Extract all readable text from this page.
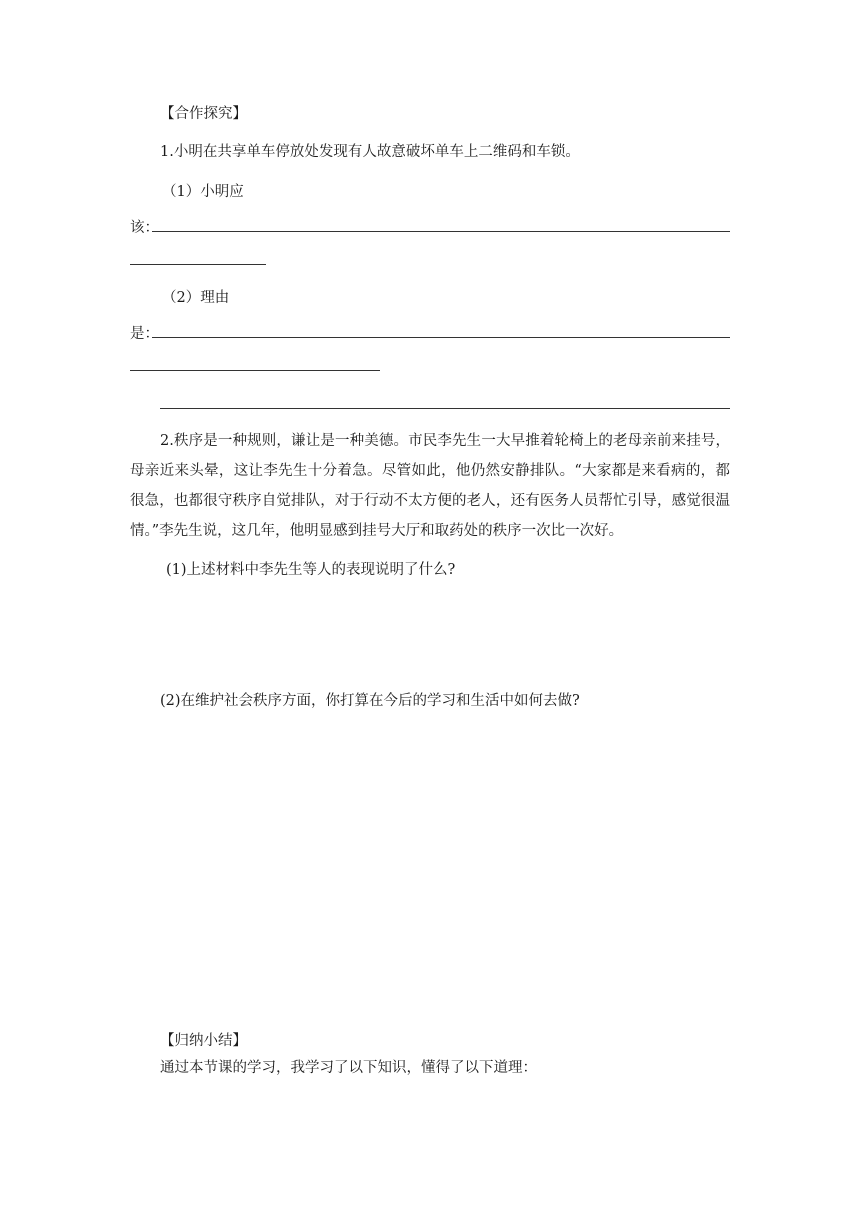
【合作探究】
1.小明在共享单车停放处发现有人故意破坏单车上二维码和车锁。
（1）小明应
该：
（2）理由
是：
2.秩序是一种规则，谦让是一种美德。市民李先生一大早推着轮椅上的老母亲前来挂号，母亲近来头晕，这让李先生十分着急。尽管如此，他仍然安静排队。“大家都是来看病的，都很急，也都很守秩序自觉排队，对于行动不太方便的老人，还有医务人员帮忙引导，感觉很温情。”李先生说，这几年，他明显感到挂号大厅和取药处的秩序一次比一次好。
(1)上述材料中李先生等人的表现说明了什么?
(2)在维护社会秩序方面，你打算在今后的学习和生活中如何去做?
【归纳小结】
通过本节课的学习，我学习了以下知识，懂得了以下道理：
